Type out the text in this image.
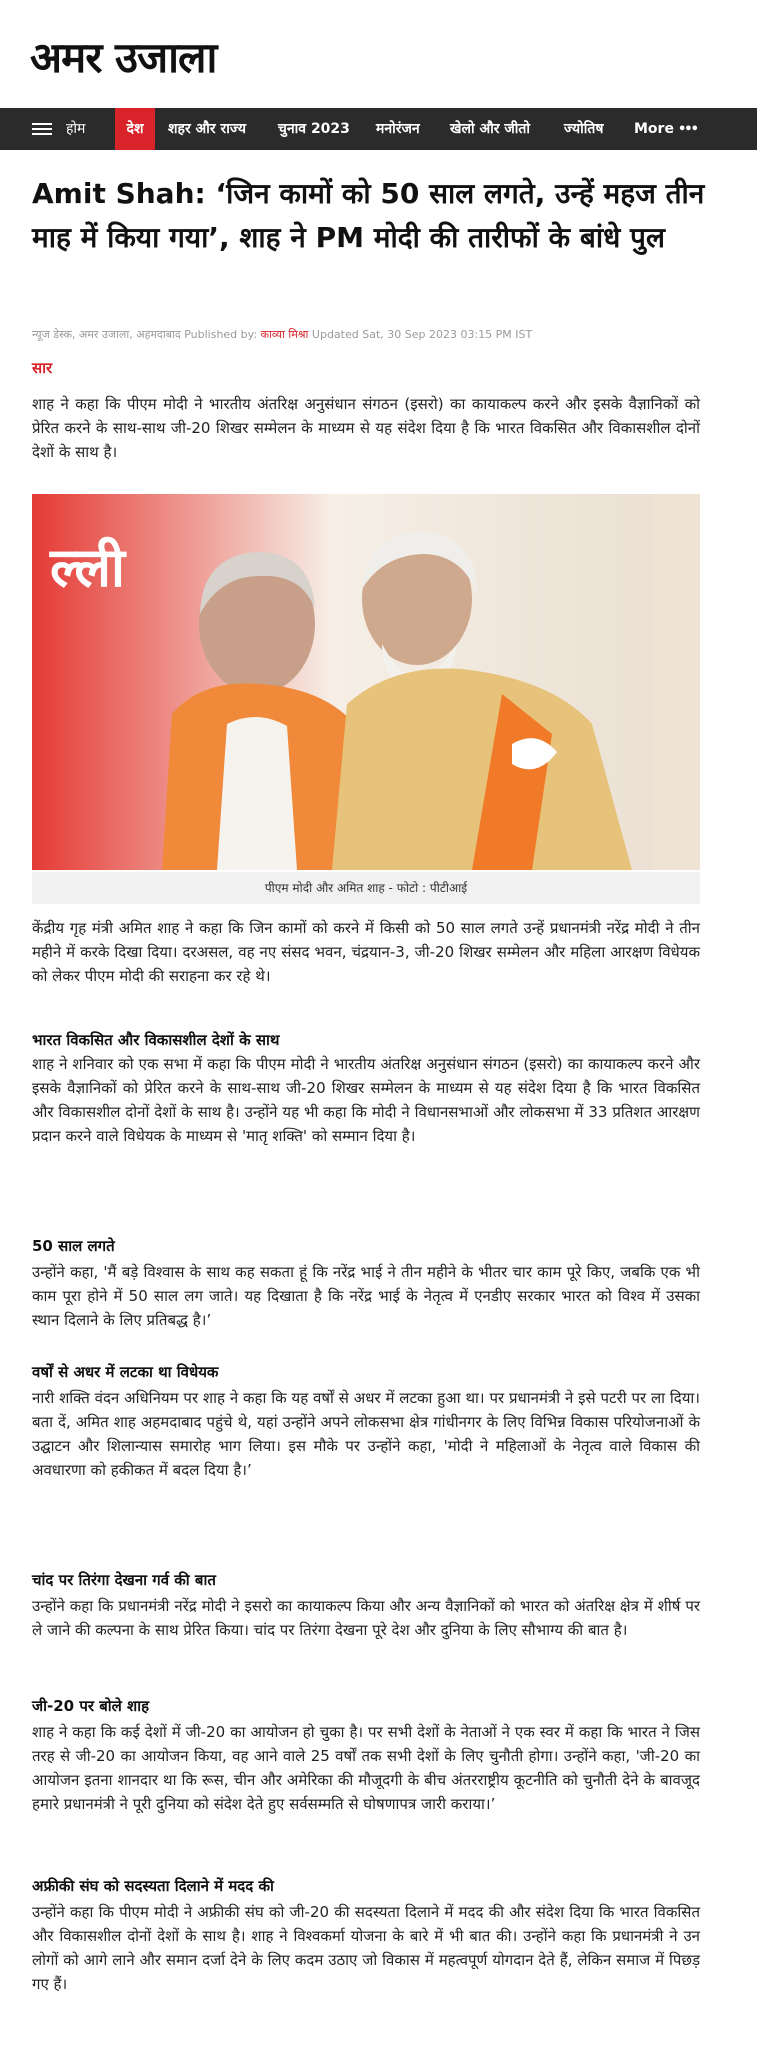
अमर उजाला
होम	देश	शहर और राज्य चुनाव 2023 मनोरंजन खेलो और जीतो ज्योतिष More •••
Amit Shah: ‘जिन कामों को 50 साल लगते, उन्हें महज तीन माह में किया गया’, शाह ने PM मोदी की तारीफों के बांधे पुल
न्यूज डेस्क, अमर उजाला, अहमदाबाद Published by: काव्या मिश्रा Updated Sat, 30 Sep 2023 03:15 PM IST
सार

शाह ने कहा कि पीएम मोदी ने भारतीय अंतरिक्ष अनुसंधान संगठन (इसरो) का कायाकल्प करने और इसके वैज्ञानिकों को प्रेरित करने के साथ-साथ जी-20 शिखर सम्मेलन के माध्यम से यह संदेश दिया है कि भारत विकसित और विकासशील दोनों देशों के साथ है।

ल्ली
पीएम मोदी और अमित शाह - फोटो : पीटीआई

केंद्रीय गृह मंत्री अमित शाह ने कहा कि जिन कामों को करने में किसी को 50 साल लगते उन्हें प्रधानमंत्री नरेंद्र मोदी ने तीन महीने में करके दिखा दिया। दरअसल, वह नए संसद भवन, चंद्रयान-3, जी-20 शिखर सम्मेलन और महिला आरक्षण विधेयक को लेकर पीएम मोदी की सराहना कर रहे थे।

भारत विकसित और विकासशील देशों के साथ

शाह ने शनिवार को एक सभा में कहा कि पीएम मोदी ने भारतीय अंतरिक्ष अनुसंधान संगठन (इसरो) का कायाकल्प करने और इसके वैज्ञानिकों को प्रेरित करने के साथ-साथ जी-20 शिखर सम्मेलन के माध्यम से यह संदेश दिया है कि भारत विकसित और विकासशील दोनों देशों के साथ है। उन्होंने यह भी कहा कि मोदी ने विधानसभाओं और लोकसभा में 33 प्रतिशत आरक्षण प्रदान करने वाले विधेयक के माध्यम से 'मातृ शक्ति' को सम्मान दिया है।

50 साल लगते

उन्होंने कहा, 'मैं बड़े विश्वास के साथ कह सकता हूं कि नरेंद्र भाई ने तीन महीने के भीतर चार काम पूरे किए, जबकि एक भी काम पूरा होने में 50 साल लग जाते। यह दिखाता है कि नरेंद्र भाई के नेतृत्व में एनडीए सरकार भारत को विश्व में उसका स्थान दिलाने के लिए प्रतिबद्ध है।’

वर्षों से अधर में लटका था विधेयक

नारी शक्ति वंदन अधिनियम पर शाह ने कहा कि यह वर्षों से अधर में लटका हुआ था। पर प्रधानमंत्री ने इसे पटरी पर ला दिया। बता दें, अमित शाह अहमदाबाद पहुंचे थे, यहां उन्होंने अपने लोकसभा क्षेत्र गांधीनगर के लिए विभिन्न विकास परियोजनाओं के उद्घाटन और शिलान्यास समारोह भाग लिया। इस मौके पर उन्होंने कहा, 'मोदी ने महिलाओं के नेतृत्व वाले विकास की अवधारणा को हकीकत में बदल दिया है।’

चांद पर तिरंगा देखना गर्व की बात

उन्होंने कहा कि प्रधानमंत्री नरेंद्र मोदी ने इसरो का कायाकल्प किया और अन्य वैज्ञानिकों को भारत को अंतरिक्ष क्षेत्र में शीर्ष पर ले जाने की कल्पना के साथ प्रेरित किया। चांद पर तिरंगा देखना पूरे देश और दुनिया के लिए सौभाग्य की बात है।

जी-20 पर बोले शाह

शाह ने कहा कि कई देशों में जी-20 का आयोजन हो चुका है। पर सभी देशों के नेताओं ने एक स्वर में कहा कि भारत ने जिस तरह से जी-20 का आयोजन किया, वह आने वाले 25 वर्षों तक सभी देशों के लिए चुनौती होगा। उन्होंने कहा, 'जी-20 का आयोजन इतना शानदार था कि रूस, चीन और अमेरिका की मौजूदगी के बीच अंतरराष्ट्रीय कूटनीति को चुनौती देने के बावजूद हमारे प्रधानमंत्री ने पूरी दुनिया को संदेश देते हुए सर्वसम्मति से घोषणापत्र जारी कराया।’

अफ्रीकी संघ को सदस्यता दिलाने में मदद की

उन्होंने कहा कि पीएम मोदी ने अफ्रीकी संघ को जी-20 की सदस्यता दिलाने में मदद की और संदेश दिया कि भारत विकसित और विकासशील दोनों देशों के साथ है। शाह ने विश्वकर्मा योजना के बारे में भी बात की। उन्होंने कहा कि प्रधानमंत्री ने उन लोगों को आगे लाने और समान दर्जा देने के लिए कदम उठाए जो विकास में महत्वपूर्ण योगदान देते हैं, लेकिन समाज में पिछड़ गए हैं।
